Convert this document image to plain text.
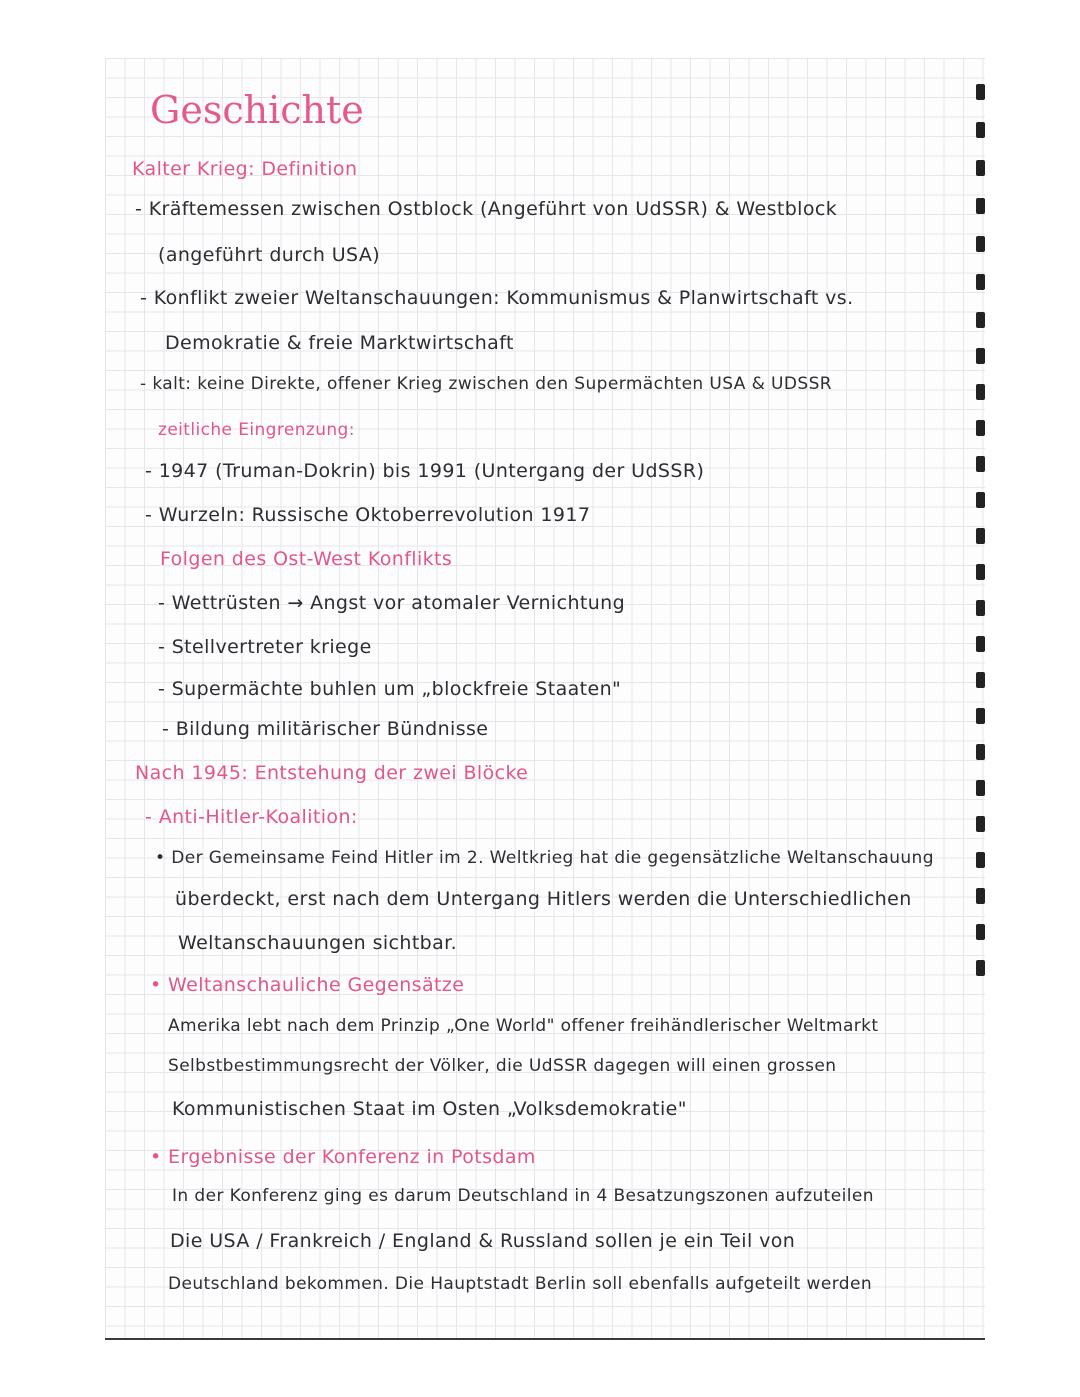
Geschichte
Kalter Krieg: Definition
- Kräftemessen zwischen Ostblock (Angeführt von UdSSR) & Westblock
(angeführt durch USA)
- Konflikt zweier Weltanschauungen: Kommunismus & Planwirtschaft vs.
Demokratie & freie Marktwirtschaft
- kalt: keine Direkte, offener Krieg zwischen den Supermächten USA & UDSSR
zeitliche Eingrenzung:
- 1947 (Truman-Dokrin) bis 1991 (Untergang der UdSSR)
- Wurzeln: Russische Oktoberrevolution 1917
Folgen des Ost-West Konflikts
- Wettrüsten → Angst vor atomaler Vernichtung
- Stellvertreter kriege
- Supermächte buhlen um „blockfreie Staaten"
- Bildung militärischer Bündnisse
Nach 1945: Entstehung der zwei Blöcke
- Anti-Hitler-Koalition:
• Der Gemeinsame Feind Hitler im 2. Weltkrieg hat die gegensätzliche Weltanschauung
überdeckt, erst nach dem Untergang Hitlers werden die Unterschiedlichen
Weltanschauungen sichtbar.
• Weltanschauliche Gegensätze
Amerika lebt nach dem Prinzip „One World" offener freihändlerischer Weltmarkt
Selbstbestimmungsrecht der Völker, die UdSSR dagegen will einen grossen
Kommunistischen Staat im Osten „Volksdemokratie"
• Ergebnisse der Konferenz in Potsdam
In der Konferenz ging es darum Deutschland in 4 Besatzungszonen aufzuteilen
Die USA / Frankreich / England & Russland sollen je ein Teil von
Deutschland bekommen. Die Hauptstadt Berlin soll ebenfalls aufgeteilt werden
